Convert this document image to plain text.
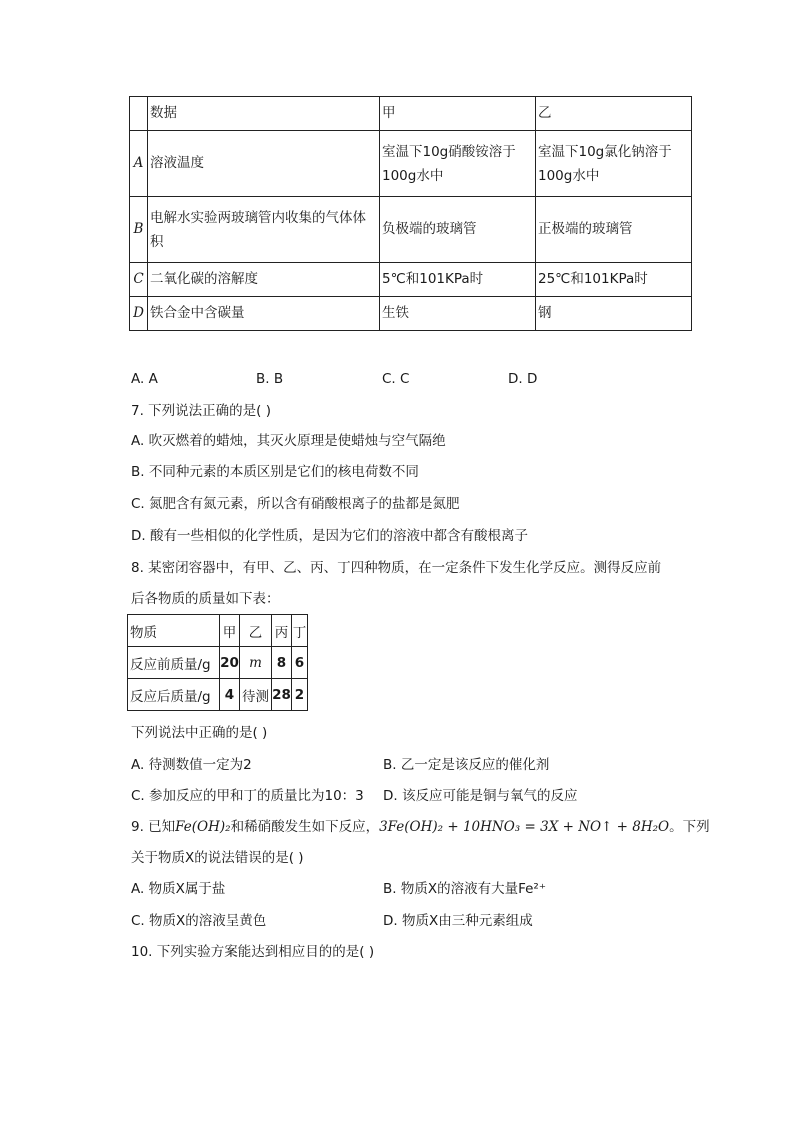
	数据	甲	乙
A	溶液温度	室温下10g硝酸铵溶于100g水中	室温下10g氯化钠溶于100g水中
B	电解水实验两玻璃管内收集的气体体积	负极端的玻璃管	正极端的玻璃管
C	二氧化碳的溶解度	5℃和101KPa时	25℃和101KPa时
D	铁合金中含碳量	生铁	钢
A. A	B. B	C. C	D. D
7. 下列说法正确的是( )
A. 吹灭燃着的蜡烛，其灭火原理是使蜡烛与空气隔绝
B. 不同种元素的本质区别是它们的核电荷数不同
C. 氮肥含有氮元素，所以含有硝酸根离子的盐都是氮肥
D. 酸有一些相似的化学性质，是因为它们的溶液中都含有酸根离子
8. 某密闭容器中，有甲、乙、丙、丁四种物质，在一定条件下发生化学反应。测得反应前
后各物质的质量如下表：
物质	甲	乙	丙	丁
反应前质量/g	20	m	8	6
反应后质量/g	4	待测	28	2
下列说法中正确的是( )
A. 待测数值一定为2	B. 乙一定是该反应的催化剂
C. 参加反应的甲和丁的质量比为10：3 D. 该反应可能是铜与氧气的反应
9. 已知Fe(OH)₂和稀硝酸发生如下反应，3Fe(OH)₂ + 10HNO₃ = 3X + NO↑ + 8H₂O。下列
关于物质X的说法错误的是( )
A. 物质X属于盐	B. 物质X的溶液有大量Fe²⁺
C. 物质X的溶液呈黄色	D. 物质X由三种元素组成
10. 下列实验方案能达到相应目的的是( )
